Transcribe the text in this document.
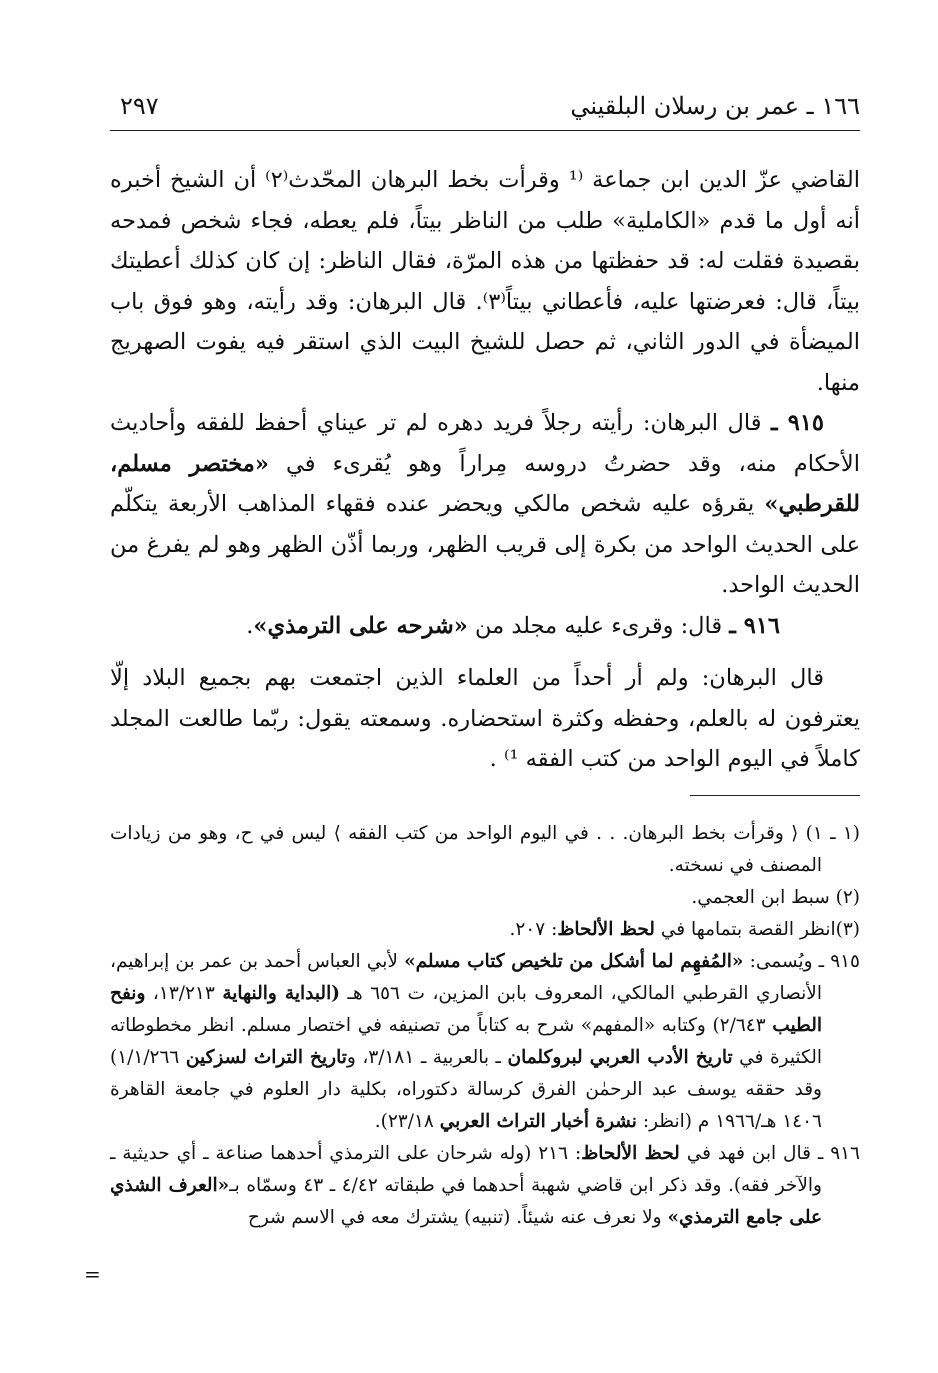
١٦٦ ـ عمر بن رسلان البلقيني
٢٩٧

القاضي عزّ الدين ابن جماعة ⁽¹ وقرأت بخط البرهان المحّدث⁽٢⁾ أن الشيخ أخبره أنه أول ما قدم «الكاملية» طلب من الناظر بيتاً، فلم يعطه، فجاء شخص فمدحه بقصيدة فقلت له: قد حفظتها من هذه المرّة، فقال الناظر: إن كان كذلك أعطيتك بيتاً، قال: فعرضتها عليه، فأعطاني بيتاً⁽٣⁾. قال البرهان: وقد رأيته، وهو فوق باب الميضأة في الدور الثاني، ثم حصل للشيخ البيت الذي استقر فيه يفوت الصهريج منها.

٩١٥ ـ قال البرهان: رأيته رجلاً فريد دهره لم تر عيناي أحفظ للفقه وأحاديث الأحكام منه، وقد حضرتُ دروسه مِراراً وهو يُقرىء في «مختصر مسلم، للقرطبي» يقرؤه عليه شخص مالكي ويحضر عنده فقهاء المذاهب الأربعة يتكلّم على الحديث الواحد من بكرة إلى قريب الظهر، وربما أذّن الظهر وهو لم يفرغ من الحديث الواحد.

٩١٦ ـ قال: وقرىء عليه مجلد من «شرحه على الترمذي».

قال البرهان: ولم أر أحداً من العلماء الذين اجتمعت بهم بجميع البلاد إلّا يعترفون له بالعلم، وحفظه وكثرة استحضاره. وسمعته يقول: ربّما طالعت المجلد كاملاً في اليوم الواحد من كتب الفقه ¹⁾ .

(١ ـ ١) ⟨ وقرأت بخط البرهان. . . في اليوم الواحد من كتب الفقه ⟩ ليس في ح، وهو من زيادات المصنف في نسخته.

(٢) سبط ابن العجمي.

(٣)انظر القصة بتمامها في لحظ الألحاظ: ٢٠٧.

٩١٥ ـ ويُسمى: «المُفهِم لما أشكل من تلخيص كتاب مسلم» لأبي العباس أحمد بن عمر بن إبراهيم، الأنصاري القرطبي المالكي، المعروف بابن المزين، ت ٦٥٦ هـ (البداية والنهاية ١٣/٢١٣، ونفح الطيب ٢/٦٤٣) وكتابه «المفهم» شرح به كتاباً من تصنيفه في اختصار مسلم. انظر مخطوطاته الكثيرة في تاريخ الأدب العربي لبروكلمان ـ بالعربية ـ ٣/١٨١، وتاريخ التراث لسزكين ١/١/٢٦٦) وقد حققه يوسف عبد الرحمٰن الفرق كرسالة دكتوراه، بكلية دار العلوم في جامعة القاهرة ١٤٠٦ هـ/١٩٦٦ م (انظر: نشرة أخبار التراث العربي ٢٣/١٨).

٩١٦ ـ قال ابن فهد في لحظ الألحاظ: ٢١٦ (وله شرحان على الترمذي أحدهما صناعة ـ أي حديثية ـ والآخر فقه). وقد ذكر ابن قاضي شهبة أحدهما في طبقاته ٤/٤٢ ـ ٤٣ وسمّاه بـ«العرف الشذي على جامع الترمذي» ولا نعرف عنه شيئاً. (تنبيه) يشترك معه في الاسم شرح

=
